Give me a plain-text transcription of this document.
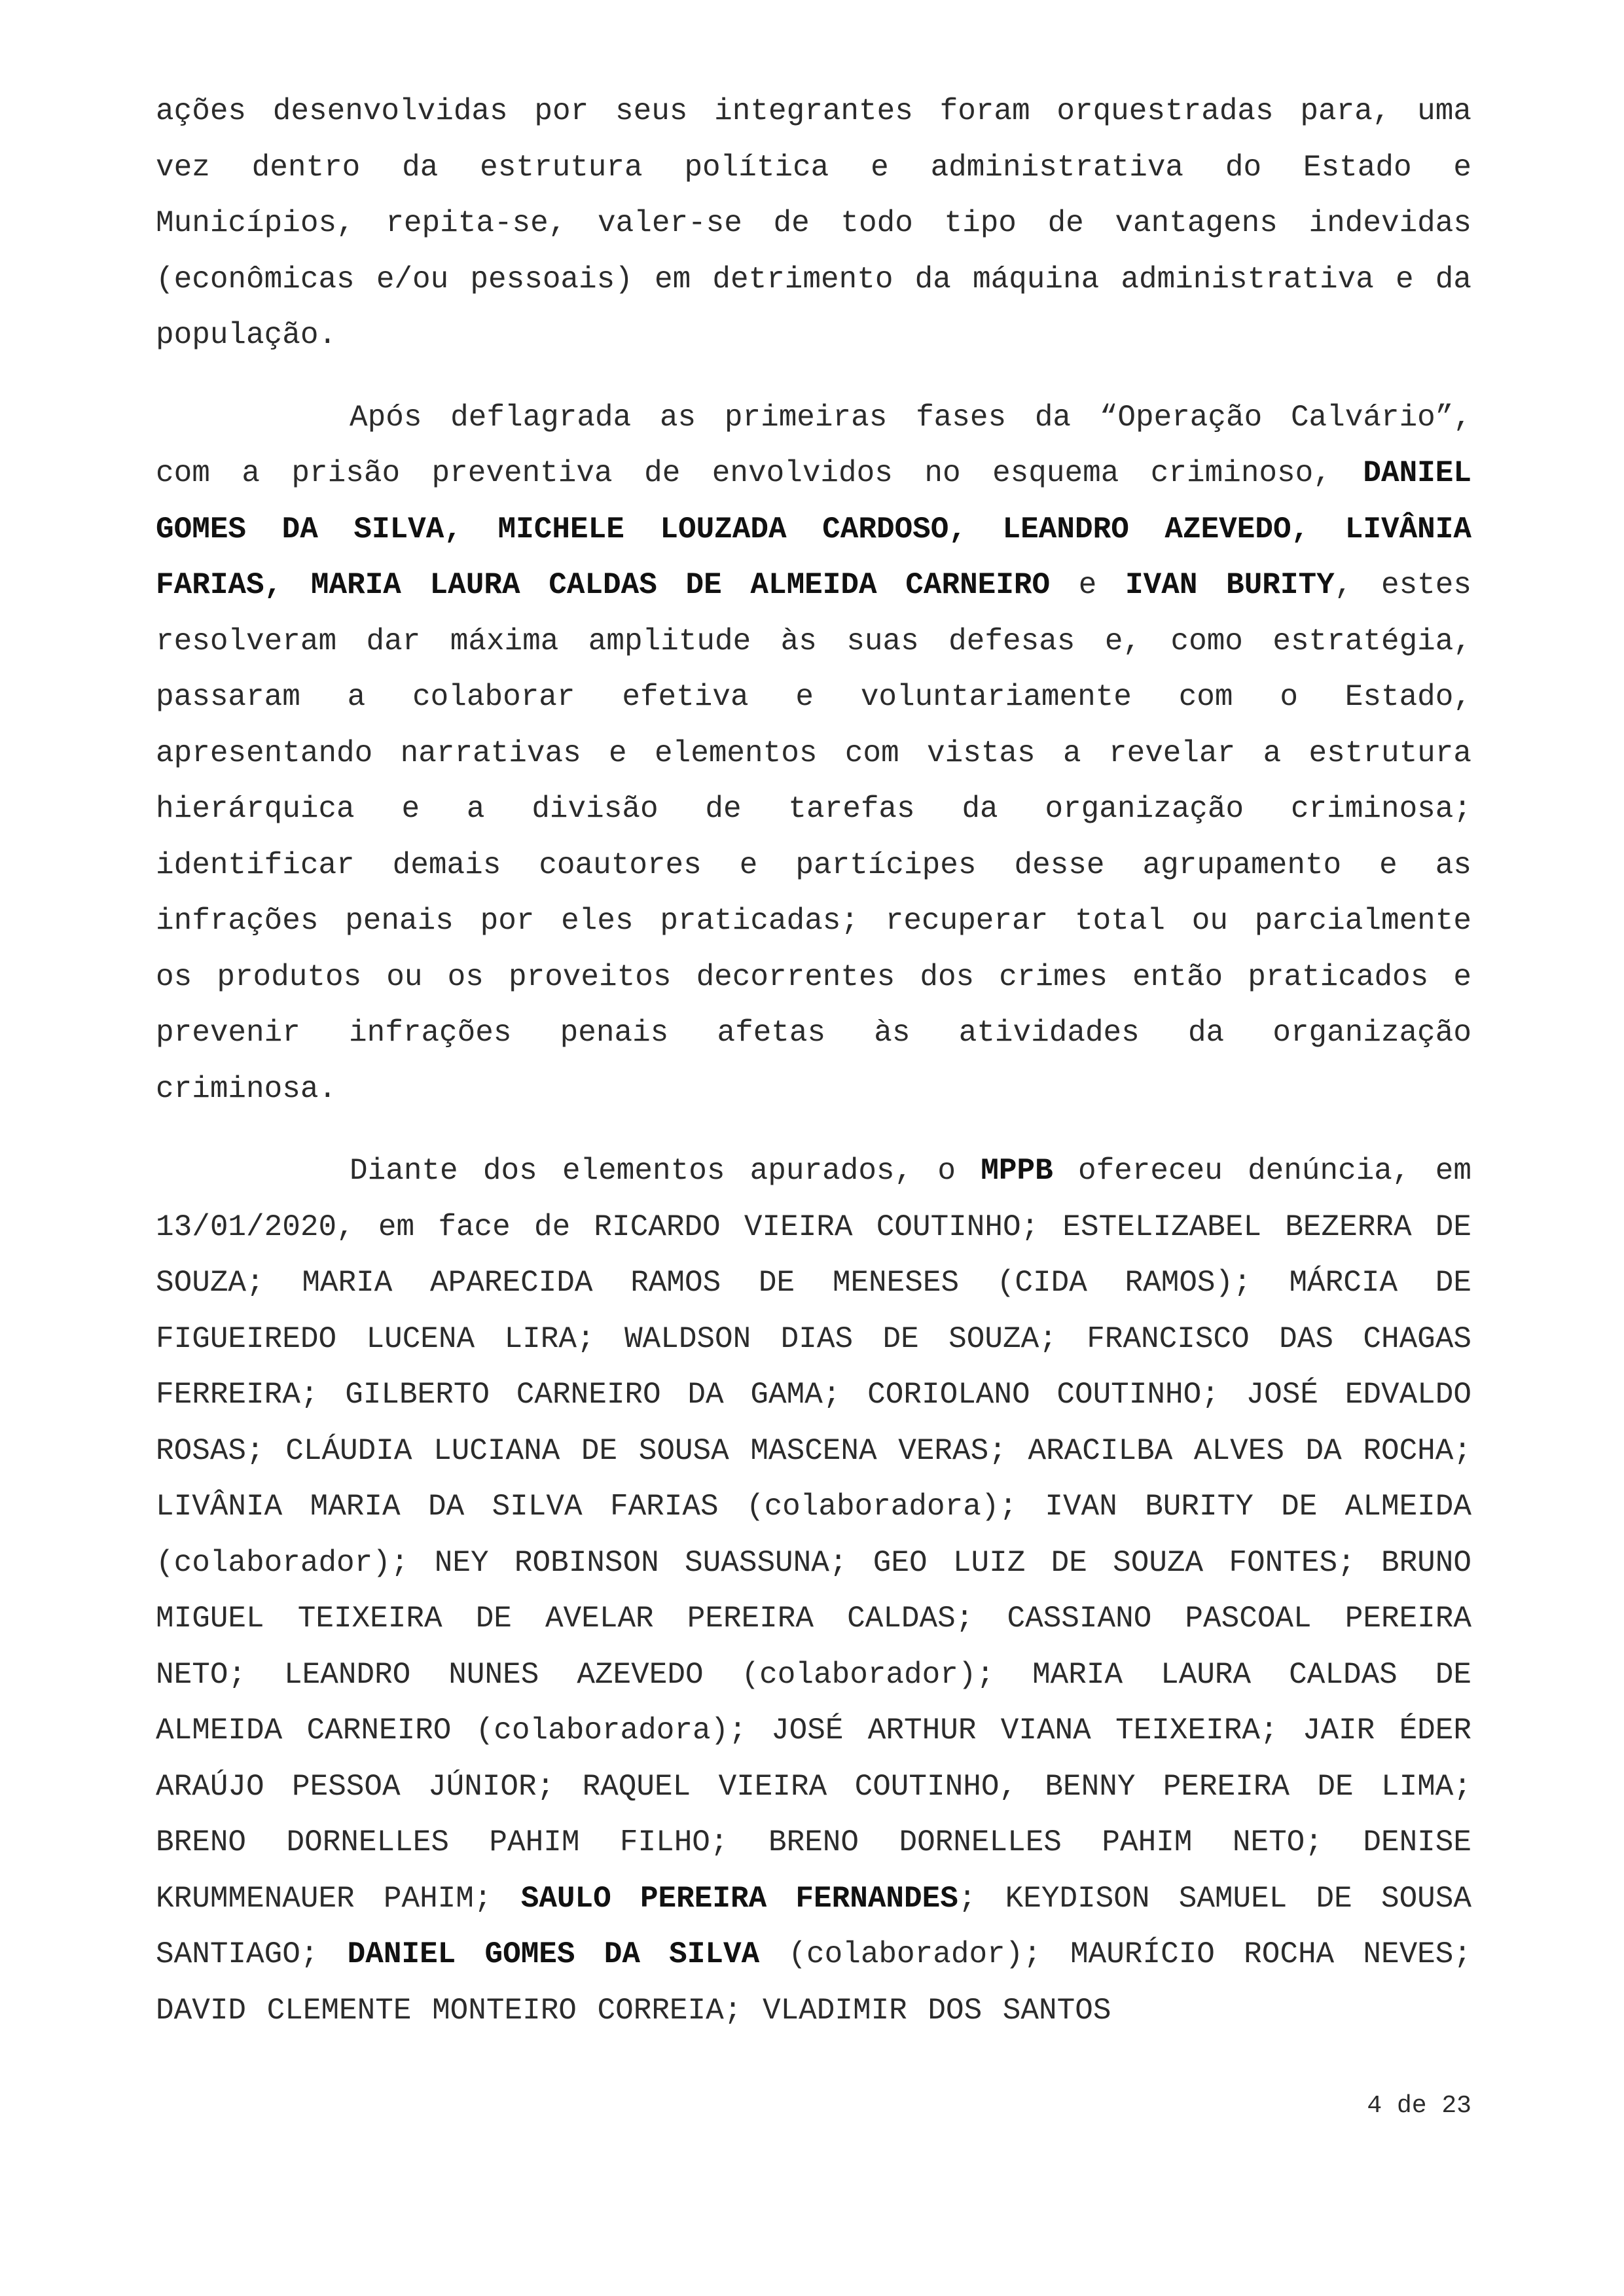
ações desenvolvidas por seus integrantes foram orquestradas para, uma vez dentro da estrutura política e administrativa do Estado e Municípios, repita-se, valer-se de todo tipo de vantagens indevidas (econômicas e/ou pessoais) em detrimento da máquina administrativa e da população.

Após deflagrada as primeiras fases da “Operação Calvário”, com a prisão preventiva de envolvidos no esquema criminoso, DANIEL GOMES DA SILVA, MICHELE LOUZADA CARDOSO, LEANDRO AZEVEDO, LIVÂNIA FARIAS, MARIA LAURA CALDAS DE ALMEIDA CARNEIRO e IVAN BURITY, estes resolveram dar máxima amplitude às suas defesas e, como estratégia, passaram a colaborar efetiva e voluntariamente com o Estado, apresentando narrativas e elementos com vistas a revelar a estrutura hierárquica e a divisão de tarefas da organização criminosa; identificar demais coautores e partícipes desse agrupamento e as infrações penais por eles praticadas; recuperar total ou parcialmente os produtos ou os proveitos decorrentes dos crimes então praticados e prevenir infrações penais afetas às atividades da organização criminosa.

Diante dos elementos apurados, o MPPB ofereceu denúncia, em 13/01/2020, em face de RICARDO VIEIRA COUTINHO; ESTELIZABEL BEZERRA DE SOUZA; MARIA APARECIDA RAMOS DE MENESES (CIDA RAMOS); MÁRCIA DE FIGUEIREDO LUCENA LIRA; WALDSON DIAS DE SOUZA; FRANCISCO DAS CHAGAS FERREIRA; GILBERTO CARNEIRO DA GAMA; CORIOLANO COUTINHO; JOSÉ EDVALDO ROSAS; CLÁUDIA LUCIANA DE SOUSA MASCENA VERAS; ARACILBA ALVES DA ROCHA; LIVÂNIA MARIA DA SILVA FARIAS (colaboradora); IVAN BURITY DE ALMEIDA (colaborador); NEY ROBINSON SUASSUNA; GEO LUIZ DE SOUZA FONTES; BRUNO MIGUEL TEIXEIRA DE AVELAR PEREIRA CALDAS; CASSIANO PASCOAL PEREIRA NETO; LEANDRO NUNES AZEVEDO (colaborador); MARIA LAURA CALDAS DE ALMEIDA CARNEIRO (colaboradora); JOSÉ ARTHUR VIANA TEIXEIRA; JAIR ÉDER ARAÚJO PESSOA JÚNIOR; RAQUEL VIEIRA COUTINHO, BENNY PEREIRA DE LIMA; BRENO DORNELLES PAHIM FILHO; BRENO DORNELLES PAHIM NETO; DENISE KRUMMENAUER PAHIM; SAULO PEREIRA FERNANDES; KEYDISON SAMUEL DE SOUSA SANTIAGO; DANIEL GOMES DA SILVA (colaborador); MAURÍCIO ROCHA NEVES; DAVID CLEMENTE MONTEIRO CORREIA; VLADIMIR DOS SANTOS

4 de 23
